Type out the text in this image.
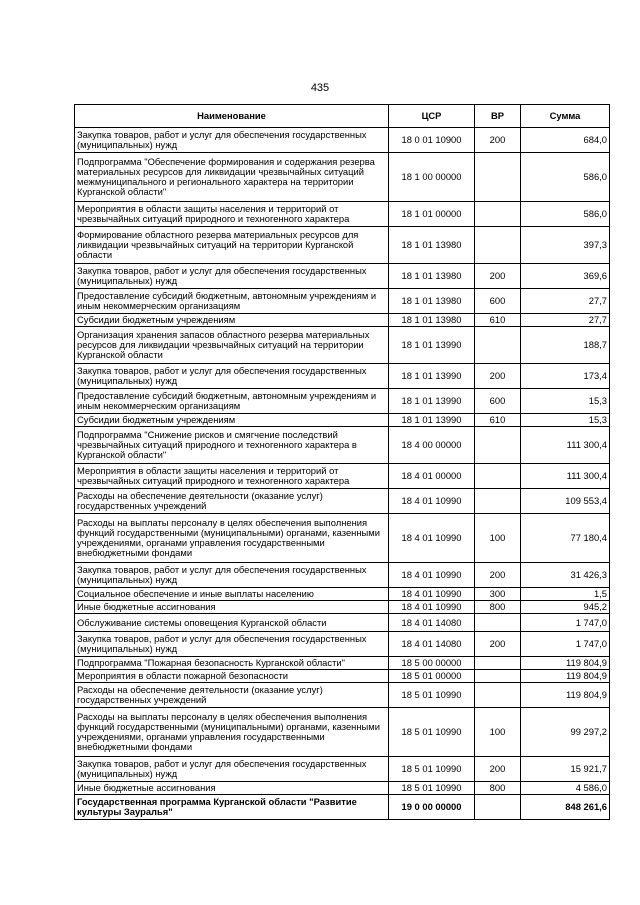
435
Наименование	ЦСР	ВР	Сумма
Закупка товаров, работ и услуг для обеспечения государственных (муниципальных) нужд	18 0 01 10900	200	684,0
Подпрограмма "Обеспечение формирования и содержания резерва материальных ресурсов для ликвидации чрезвычайных ситуаций межмуниципального и регионального характера на территории Курганской области"	18 1 00 00000		586,0
Мероприятия в области защиты населения и территорий от чрезвычайных ситуаций природного и техногенного характера	18 1 01 00000		586,0
Формирование областного резерва материальных ресурсов для ликвидации чрезвычайных ситуаций на территории Курганской области	18 1 01 13980		397,3
Закупка товаров, работ и услуг для обеспечения государственных (муниципальных) нужд	18 1 01 13980	200	369,6
Предоставление субсидий бюджетным, автономным учреждениям и иным некоммерческим организациям	18 1 01 13980	600	27,7
Субсидии бюджетным учреждениям	18 1 01 13980	610	27,7
Организация хранения запасов областного резерва материальных ресурсов для ликвидации чрезвычайных ситуаций на территории Курганской области	18 1 01 13990		188,7
Закупка товаров, работ и услуг для обеспечения государственных (муниципальных) нужд	18 1 01 13990	200	173,4
Предоставление субсидий бюджетным, автономным учреждениям и иным некоммерческим организациям	18 1 01 13990	600	15,3
Субсидии бюджетным учреждениям	18 1 01 13990	610	15,3
Подпрограмма "Снижение рисков и смягчение последствий чрезвычайных ситуаций природного и техногенного характера в Курганской области"	18 4 00 00000		111 300,4
Мероприятия в области защиты населения и территорий от чрезвычайных ситуаций природного и техногенного характера	18 4 01 00000		111 300,4
Расходы на обеспечение деятельности (оказание услуг) государственных учреждений	18 4 01 10990		109 553,4
Расходы на выплаты персоналу в целях обеспечения выполнения функций государственными (муниципальными) органами, казенными учреждениями, органами управления государственными внебюджетными фондами	18 4 01 10990	100	77 180,4
Закупка товаров, работ и услуг для обеспечения государственных (муниципальных) нужд	18 4 01 10990	200	31 426,3
Социальное обеспечение и иные выплаты населению	18 4 01 10990	300	1,5
Иные бюджетные ассигнования	18 4 01 10990	800	945,2
Обслуживание системы оповещения Курганской области	18 4 01 14080		1 747,0
Закупка товаров, работ и услуг для обеспечения государственных (муниципальных) нужд	18 4 01 14080	200	1 747,0
Подпрограмма "Пожарная безопасность Курганской области"	18 5 00 00000		119 804,9
Мероприятия в области пожарной безопасности	18 5 01 00000		119 804,9
Расходы на обеспечение деятельности (оказание услуг) государственных учреждений	18 5 01 10990		119 804,9
Расходы на выплаты персоналу в целях обеспечения выполнения функций государственными (муниципальными) органами, казенными учреждениями, органами управления государственными внебюджетными фондами	18 5 01 10990	100	99 297,2
Закупка товаров, работ и услуг для обеспечения государственных (муниципальных) нужд	18 5 01 10990	200	15 921,7
Иные бюджетные ассигнования	18 5 01 10990	800	4 586,0
Государственная программа Курганской области "Развитие культуры Зауралья"	19 0 00 00000		848 261,6
